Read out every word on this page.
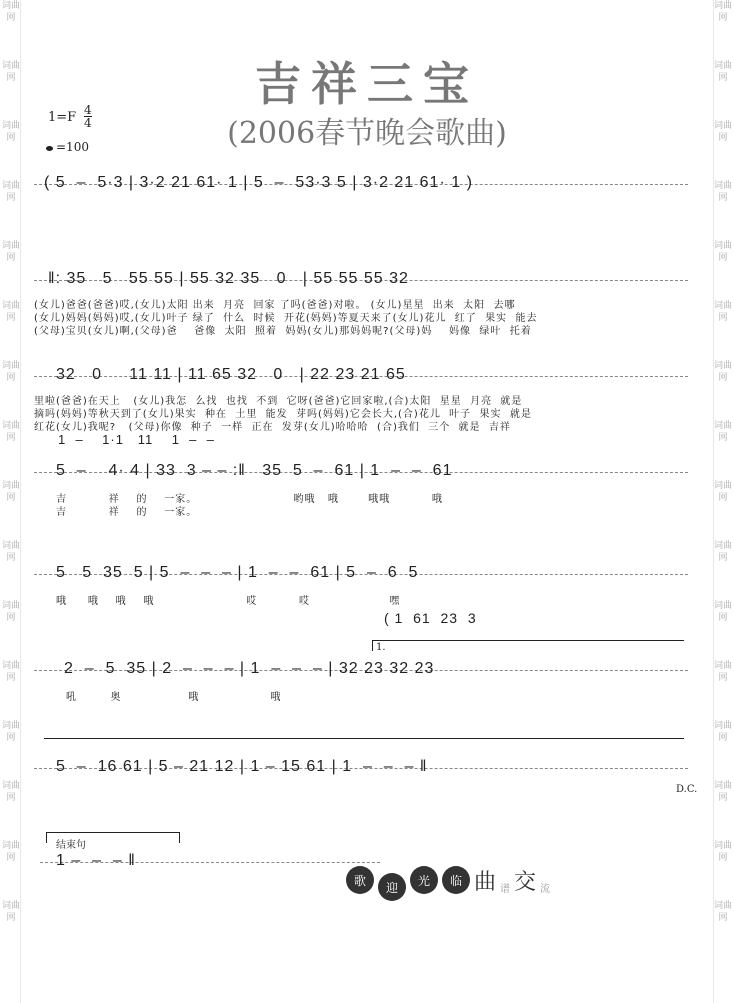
词曲网
词曲网
词曲网
词曲网
词曲网
词曲网
词曲网
词曲网
词曲网
词曲网
词曲网
词曲网
词曲网
词曲网
词曲网
词曲网
词曲网
词曲网
词曲网
词曲网
词曲网
词曲网
词曲网
词曲网
词曲网
词曲网
词曲网
词曲网
词曲网
词曲网
词曲网
词曲网
吉祥三宝
(2006春节晚会歌曲)
1=F 4
4
=100
( 5  –  5·3 | 3·2 21 61· 1 | 5  –  53·3 5 | 3·2 21 61· 1 )
‖: 35   5   55 55 | 55 32 35   0   | 55 55 55 32
(女儿)爸爸(爸爸)哎,(女儿)太阳 出来  月亮  回家 了吗(爸爸)对啦。 (女儿)星星  出来  太阳  去哪
(女儿)妈妈(妈妈)哎,(女儿)叶子 绿了  什么  时候  开花(妈妈)等夏天来了(女儿)花儿  红了  果实  能去
(父母)宝贝(女儿)啊,(父母)爸    爸像  太阳  照着  妈妈(女儿)那妈妈呢?(父母)妈    妈像  绿叶  托着
32   0     11 11 | 11 65 32   0   | 22 23 21 65
里啦(爸爸)在天上   (女儿)我怎  么找  也找  不到  它呀(爸爸)它回家啦,(合)太阳  星星  月亮  就是
摘吗(妈妈)等秋天到了(女儿)果实  种在  土里  能发  芽吗(妈妈)它会长大,(合)花儿  叶子  果实  就是
红花(女儿)我呢?   (父母)你像  种子  一样  正在  发芽(女儿)哈哈哈  (合)我们  三个  就是  吉祥
1  –    1·1   11    1  –  –
5  –    4· 4 | 33  3 – – :‖   35  5  –  61 | 1  –  –  61
吉          祥    的    一家。                       哟哦   哦       哦哦          哦
吉          祥    的    一家。
5   5  35  5 | 5  –  –  – | 1  –  –  61 | 5  –  6  5
哦     哦    哦    哦                      哎          哎                   嘿
( 1  61  23  3
1.
2  –  5  35 | 2  –  –  – | 1  –  –  – | 32 23 32 23
吼        奥                哦                 哦
5  –  16 61 | 5 – 21 12 | 1 – 15 61 | 1  –  –  – ‖
D.C.
结束句
1 –  –  – ‖
歌	迎	光	临 曲 谱 交 流
